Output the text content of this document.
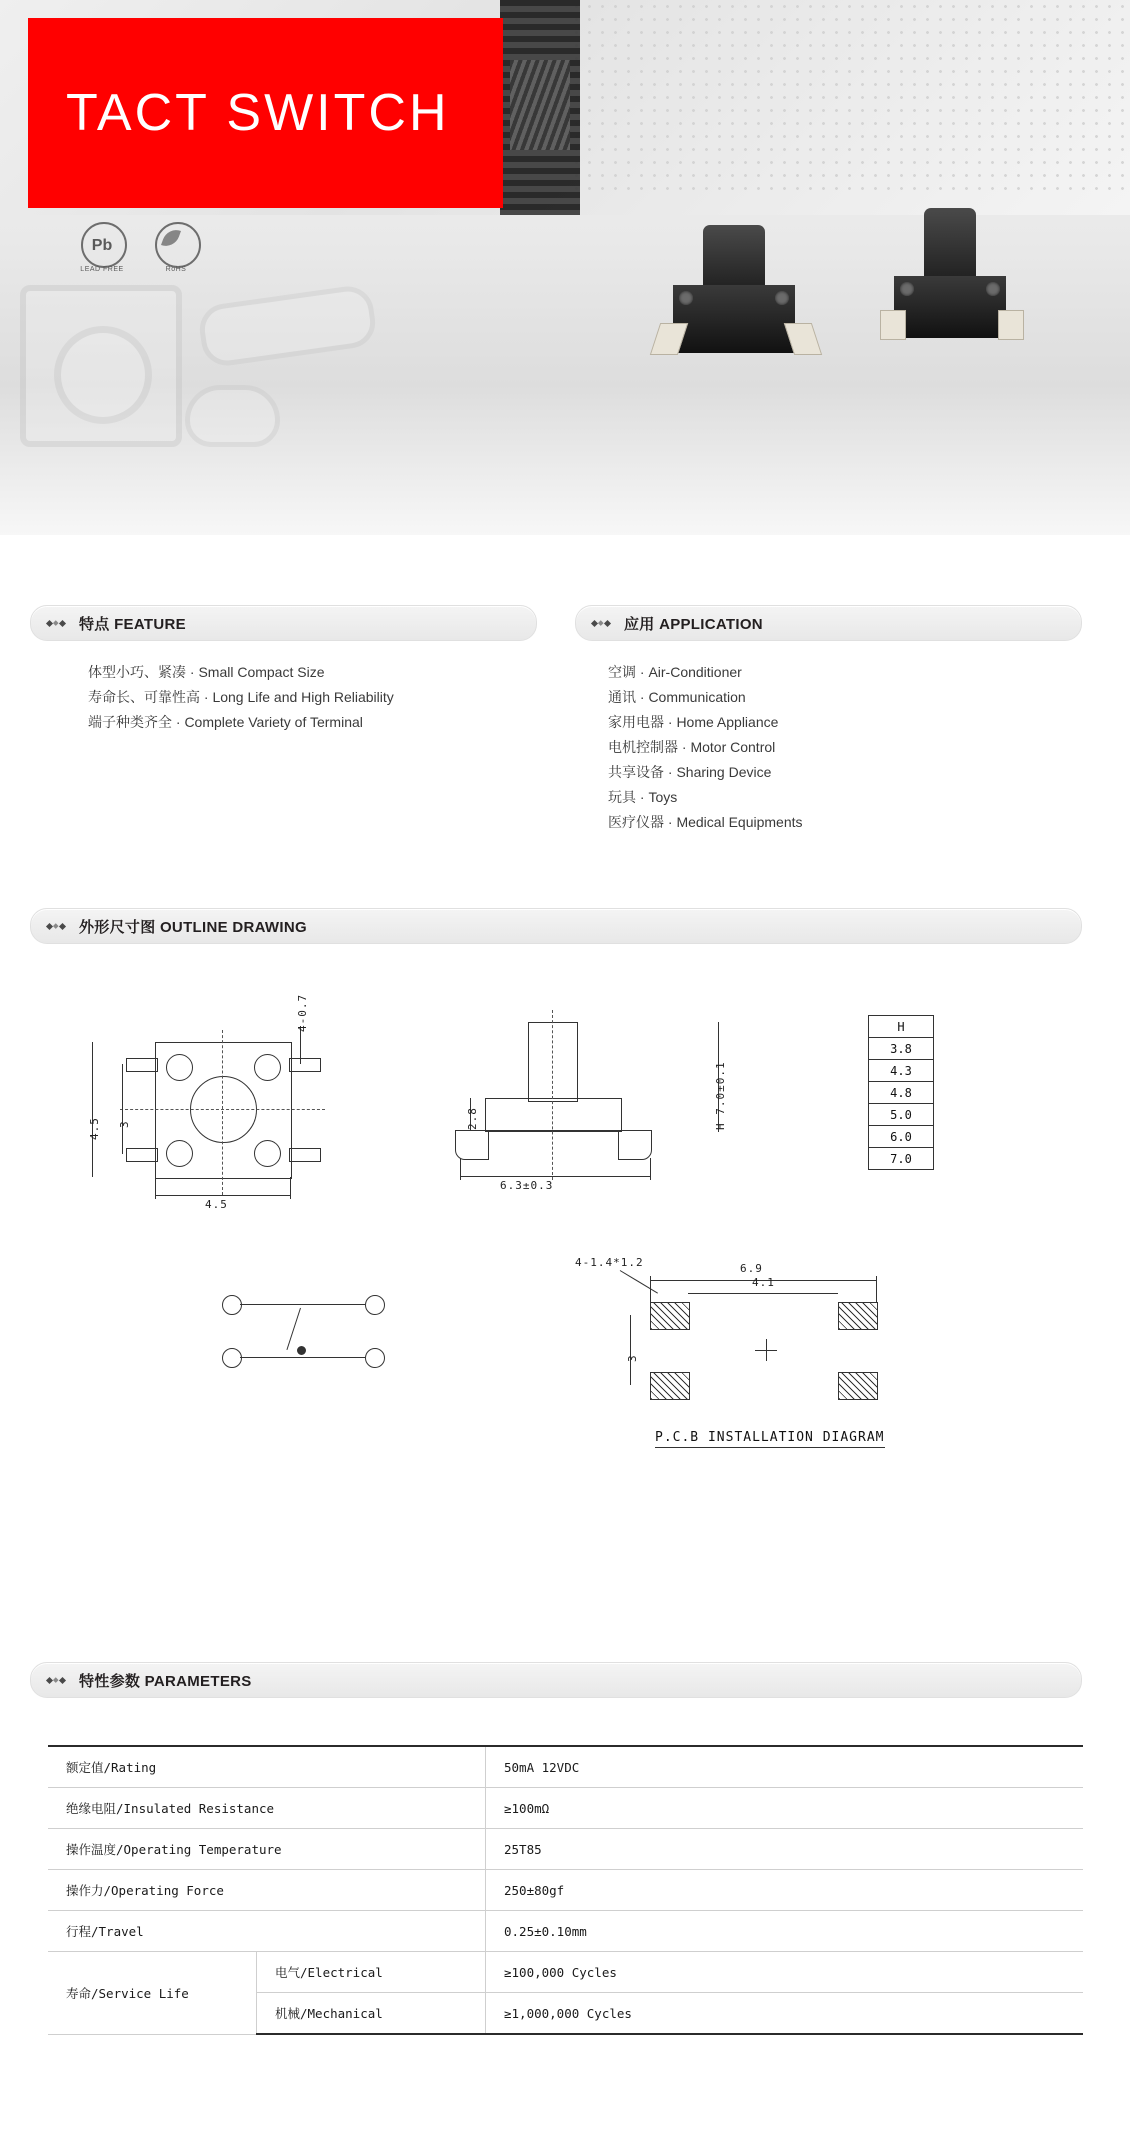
TACT SWITCH
Pb
LEAD FREE	RoHS
特点 FEATURE	应用 APPLICATION
体型小巧、紧凑 · Small Compact Size
寿命长、可靠性高 · Long Life and High Reliability
端子种类齐全 · Complete Variety of Terminal
空调 · Air-Conditioner
通讯 · Communication
家用电器 · Home Appliance
电机控制器 · Motor Control
共享设备 · Sharing Device
玩具 · Toys
医疗仪器 · Medical Equipments
外形尺寸图 OUTLINE DRAWING
4.5
4.5 3
4-0.7
6.3±0.3
H 7.0±0.1
2.8
H
3.8
4.3
4.8
5.0
6.0
7.0
6.9
4.1
3
4-1.4*1.2
P.C.B INSTALLATION DIAGRAM
特性参数 PARAMETERS
额定值/Rating		50mA 12VDC
绝缘电阻/Insulated Resistance		≥100mΩ
操作温度/Operating Temperature		25T85
操作力/Operating Force		250±80gf
行程/Travel		0.25±0.10mm
寿命/Service Life	电气/Electrical	≥100,000 Cycles
	机械/Mechanical	≥1,000,000 Cycles
